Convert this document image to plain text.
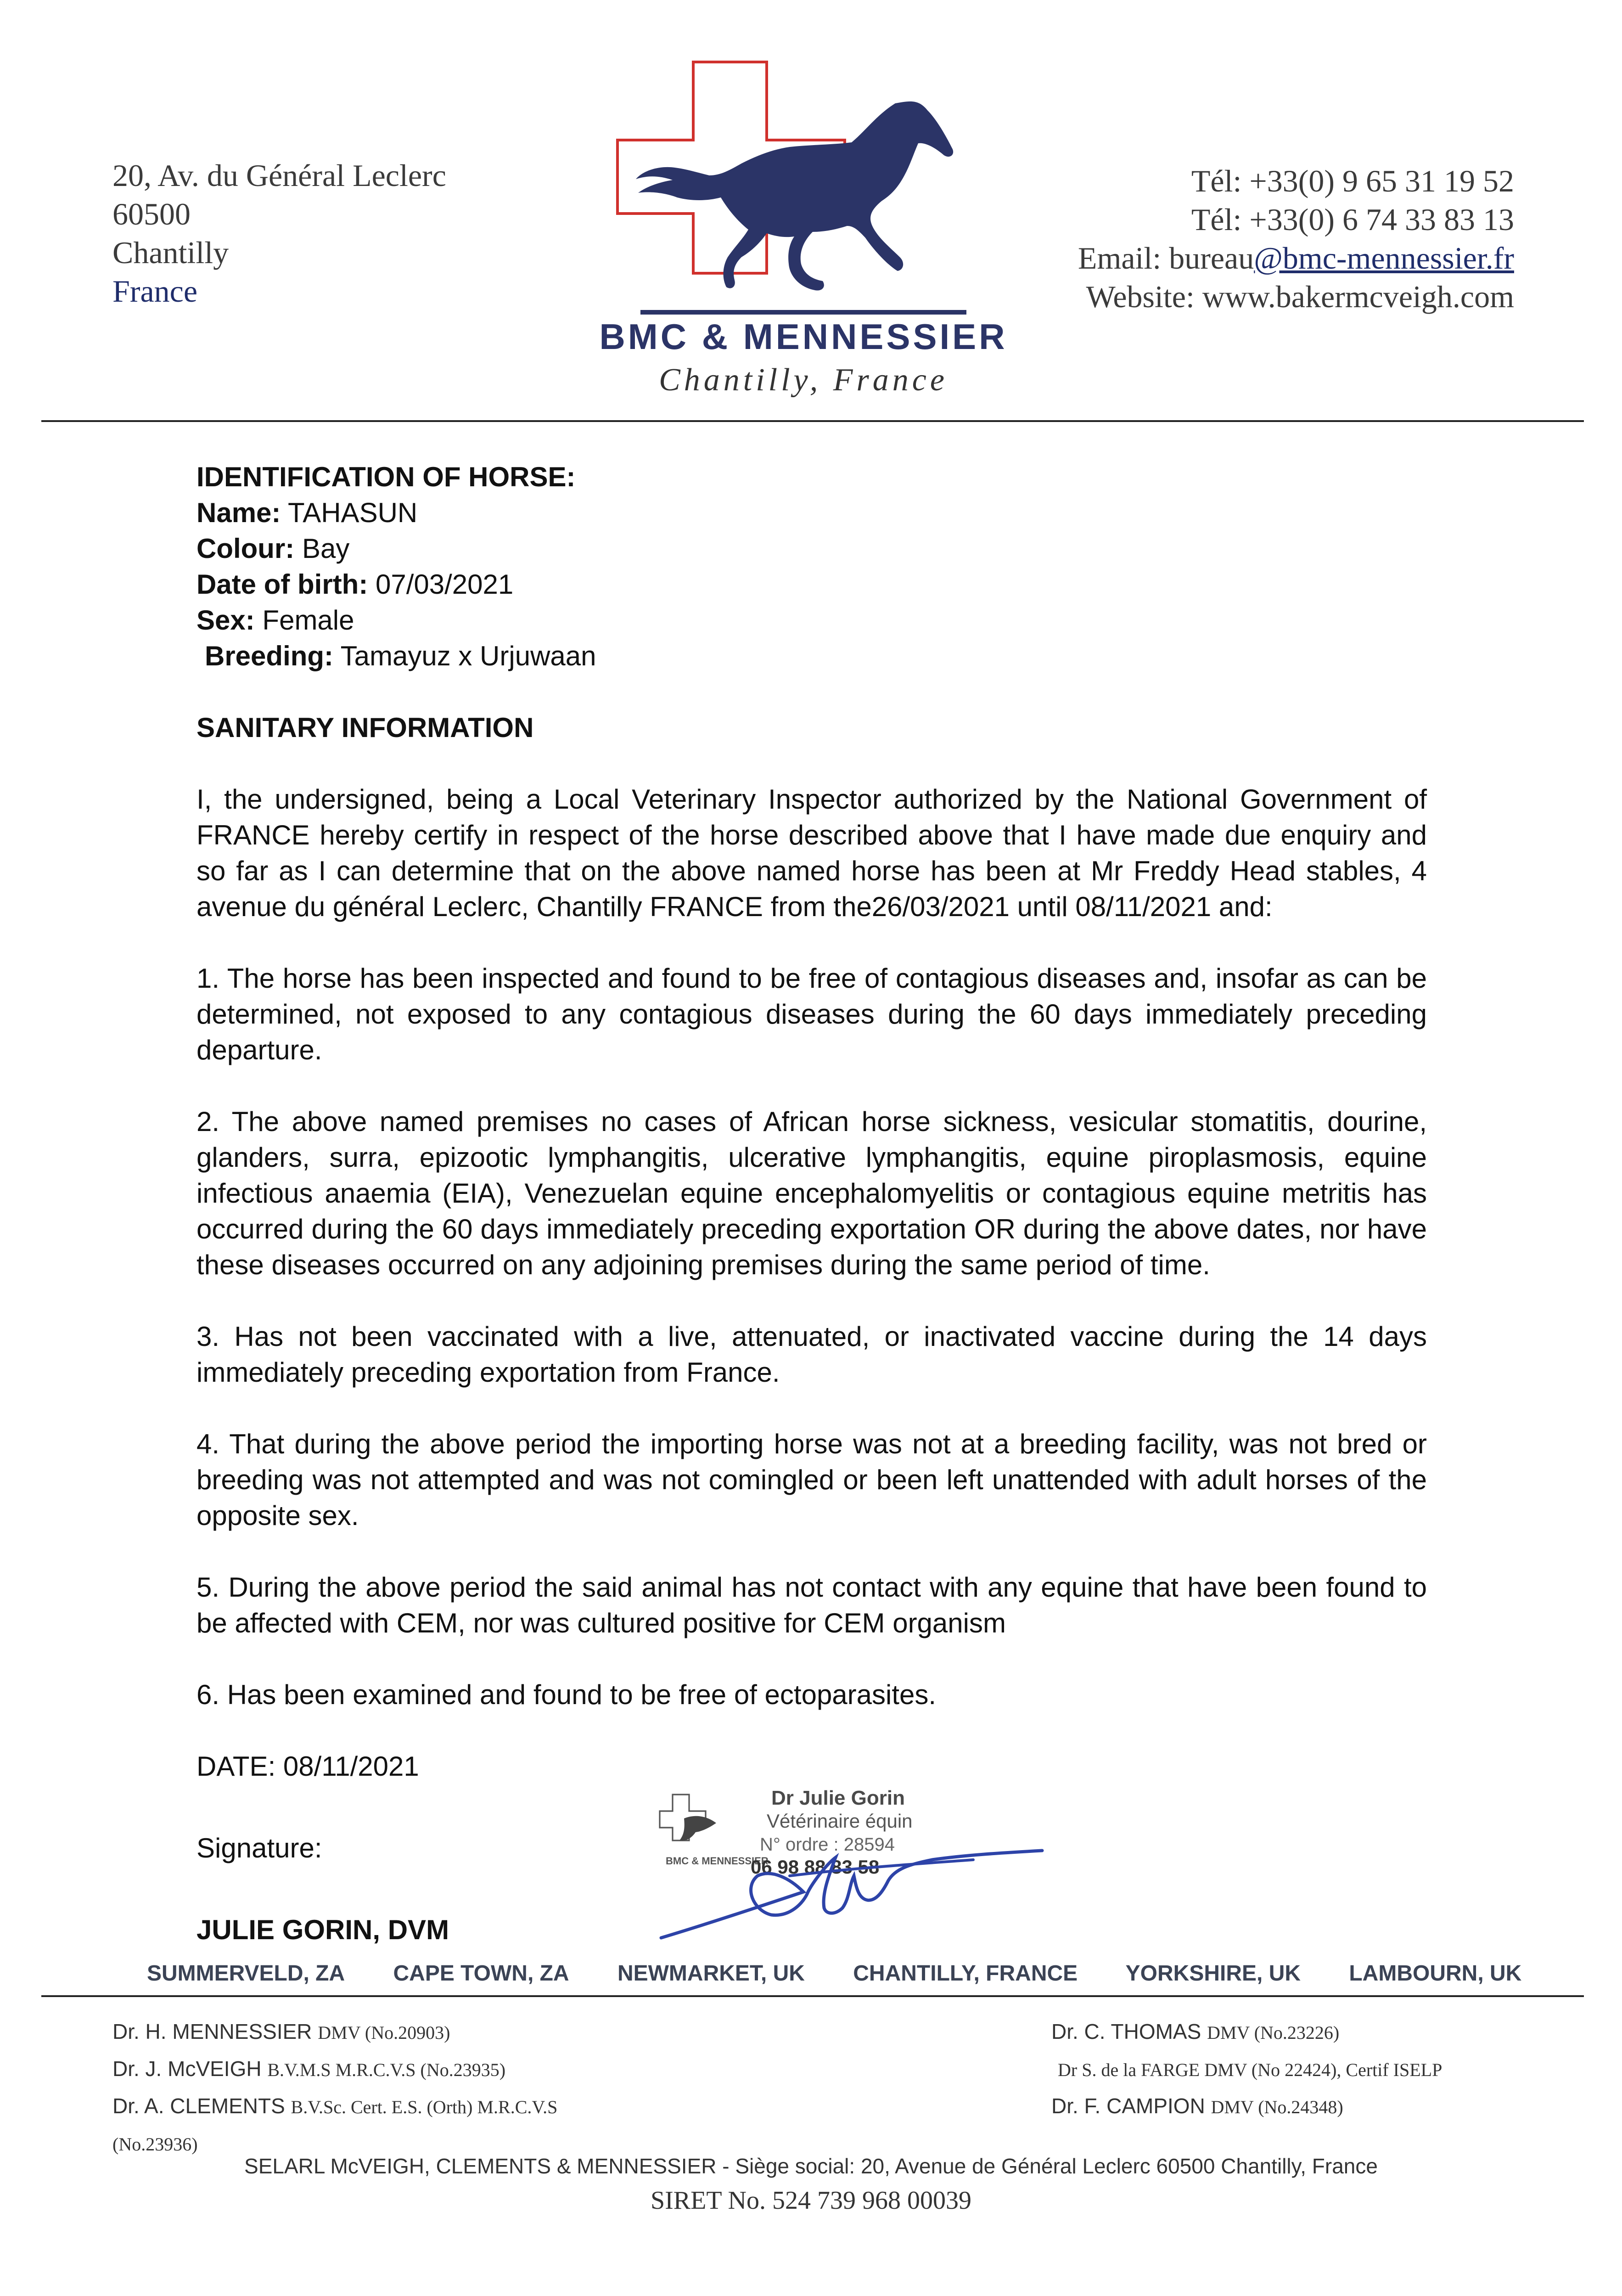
20, Av. du Général Leclerc
60500
Chantilly
France
BMC & MENNESSIER
Chantilly, France
Tél: +33(0) 9 65 31 19 52
Tél: +33(0) 6 74 33 83 13
Email: bureau@bmc-mennessier.fr
Website: www.bakermcveigh.com

IDENTIFICATION OF HORSE:

Name: TAHASUN

Colour: Bay

Date of birth: 07/03/2021

Sex: Female

Breeding: Tamayuz x Urjuwaan

SANITARY INFORMATION

I, the undersigned, being a Local Veterinary Inspector authorized by the National Government of FRANCE hereby certify in respect of the horse described above that I have made due enquiry and so far as I can determine that on the above named horse has been at Mr Freddy Head stables, 4 avenue du général Leclerc, Chantilly FRANCE from the26/03/2021 until 08/11/2021 and:

1. The horse has been inspected and found to be free of contagious diseases and, insofar as can be determined, not exposed to any contagious diseases during the 60 days immediately preceding departure.

2. The above named premises no cases of African horse sickness, vesicular stomatitis, dourine, glanders, surra, epizootic lymphangitis, ulcerative lymphangitis, equine piroplasmosis, equine infectious anaemia (EIA), Venezuelan equine encephalomyelitis or contagious equine metritis has occurred during the 60 days immediately preceding exportation OR during the above dates, nor have these diseases occurred on any adjoining premises during the same period of time.

3. Has not been vaccinated with a live, attenuated, or inactivated vaccine during the 14 days immediately preceding exportation from France.

4. That during the above period the importing horse was not at a breeding facility, was not bred or breeding was not attempted and was not comingled or been left unattended with adult horses of the opposite sex.

5. During the above period the said animal has not contact with any equine that have been found to be affected with CEM, nor was cultured positive for CEM organism

6. Has been examined and found to be free of ectoparasites.

DATE: 08/11/2021

Signature:

JULIE GORIN, DVM

BMC & MENNESSIER
Dr Julie Gorin
Vétérinaire équin
N° ordre : 28594
06 98 88 83 58
SUMMERVELD, ZA CAPE TOWN, ZA NEWMARKET, UK CHANTILLY, FRANCE YORKSHIRE, UK LAMBOURN, UK
Dr. H. MENNESSIER DMV (No.20903)
Dr. J. McVEIGH B.V.M.S M.R.C.V.S (No.23935)
Dr. A. CLEMENTS B.V.Sc. Cert. E.S. (Orth) M.R.C.V.S
(No.23936)
Dr. C. THOMAS DMV (No.23226)
Dr S. de la FARGE DMV (No 22424), Certif ISELP
Dr. F. CAMPION DMV (No.24348)
SELARL McVEIGH, CLEMENTS & MENNESSIER - Siège social: 20, Avenue de Général Leclerc 60500 Chantilly, France
SIRET No. 524 739 968 00039
